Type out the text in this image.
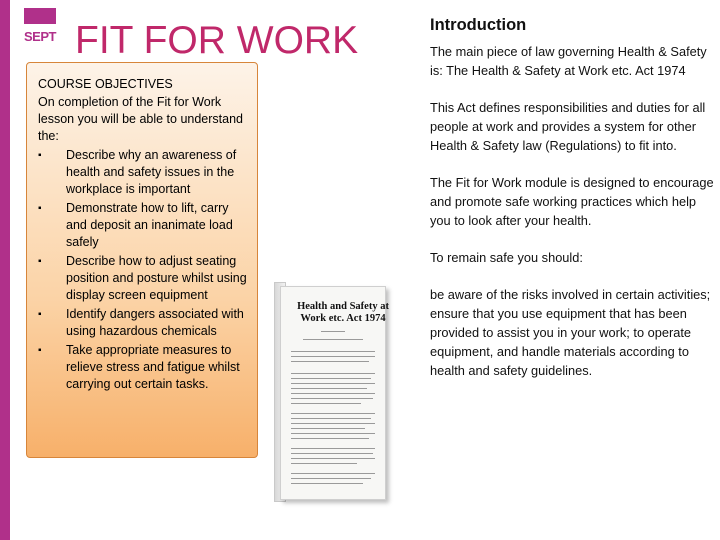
SEPT FIT FOR WORK
COURSE OBJECTIVES
On completion of the Fit for Work lesson you will be able to understand the:
▪ Describe why an awareness of health and safety issues in the workplace is important
▪ Demonstrate how to lift, carry and deposit an inanimate load safely
▪ Describe how to adjust seating position and posture whilst using display screen equipment
▪ Identify dangers associated with using hazardous chemicals
▪ Take appropriate measures to relieve stress and fatigue whilst carrying out certain tasks.
Health and Safety at Work etc. Act 1974
Introduction

The main piece of law governing Health & Safety is: The Health & Safety at Work etc. Act 1974

This Act defines responsibilities and duties for all people at work and provides a system for other Health & Safety law (Regulations) to fit into.

The Fit for Work module is designed to encourage and promote safe working practices which help you to look after your health.

To remain safe you should:

be aware of the risks involved in certain activities; ensure that you use equipment that has been provided to assist you in your work; to operate equipment, and handle materials according to health and safety guidelines.
